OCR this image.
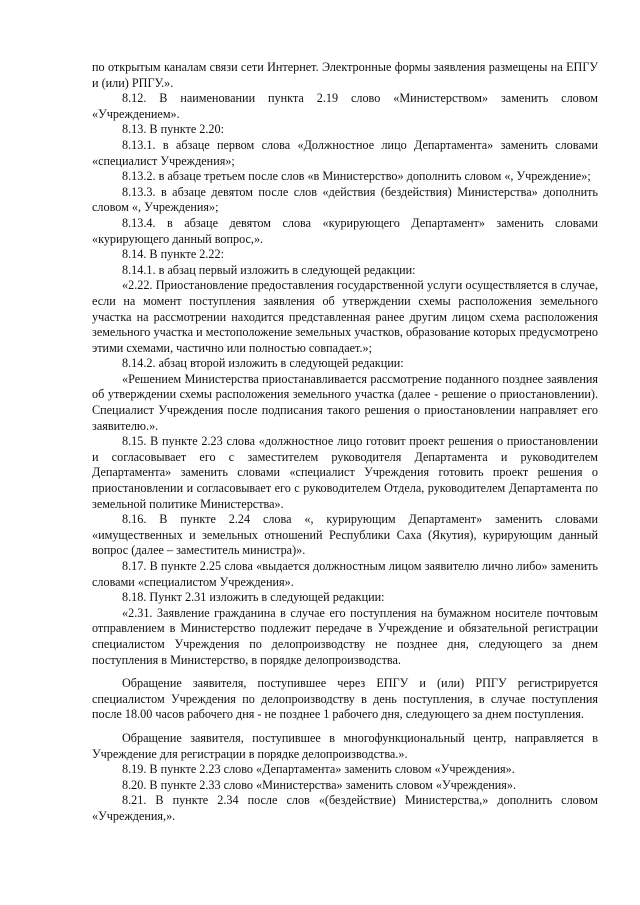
по открытым каналам связи сети Интернет. Электронные формы заявления размещены на ЕПГУ и (или) РПГУ.».

8.12. В наименовании пункта 2.19 слово «Министерством» заменить словом «Учреждением».

8.13. В пункте 2.20:

8.13.1. в абзаце первом слова «Должностное лицо Департамента» заменить словами «специалист Учреждения»;

8.13.2. в абзаце третьем после слов «в Министерство» дополнить словом «, Учреждение»;

8.13.3. в абзаце девятом после слов «действия (бездействия) Министерства» дополнить словом «, Учреждения»;

8.13.4. в абзаце девятом слова «курирующего Департамент» заменить словами «курирующего данный вопрос,».

8.14. В пункте 2.22:

8.14.1. в абзац первый изложить в следующей редакции:

«2.22. Приостановление предоставления государственной услуги осуществляется в случае, если на момент поступления заявления об утверждении схемы расположения земельного участка на рассмотрении находится представленная ранее другим лицом схема расположения земельного участка и местоположение земельных участков, образование которых предусмотрено этими схемами, частично или полностью совпадает.»;

8.14.2. абзац второй изложить в следующей редакции:

«Решением Министерства приостанавливается рассмотрение поданного позднее заявления об утверждении схемы расположения земельного участка (далее - решение о приостановлении). Специалист Учреждения после подписания такого решения о приостановлении направляет его заявителю.».

8.15. В пункте 2.23 слова «должностное лицо готовит проект решения о приостановлении и согласовывает его с заместителем руководителя Департамента и руководителем Департамента» заменить словами «специалист Учреждения готовить проект решения о приостановлении и согласовывает его с руководителем Отдела, руководителем Департамента по земельной политике Министерства».

8.16. В пункте 2.24 слова «, курирующим Департамент» заменить словами «имущественных и земельных отношений Республики Саха (Якутия), курирующим данный вопрос (далее – заместитель министра)».

8.17. В пункте 2.25 слова «выдается должностным лицом заявителю лично либо» заменить словами «специалистом Учреждения».

8.18. Пункт 2.31 изложить в следующей редакции:

«2.31. Заявление гражданина в случае его поступления на бумажном носителе почтовым отправлением в Министерство подлежит передаче в Учреждение и обязательной регистрации специалистом Учреждения по делопроизводству не позднее дня, следующего за днем поступления в Министерство, в порядке делопроизводства.

Обращение заявителя, поступившее через ЕПГУ и (или) РПГУ регистрируется специалистом Учреждения по делопроизводству в день поступления, в случае поступления после 18.00 часов рабочего дня - не позднее 1 рабочего дня, следующего за днем поступления.

Обращение заявителя, поступившее в многофункциональный центр, направляется в Учреждение для регистрации в порядке делопроизводства.».

8.19. В пункте 2.23 слово «Департамента» заменить словом «Учреждения».

8.20. В пункте 2.33 слово «Министерства» заменить словом «Учреждения».

8.21. В пункте 2.34 после слов «(бездействие) Министерства,» дополнить словом «Учреждения,».
